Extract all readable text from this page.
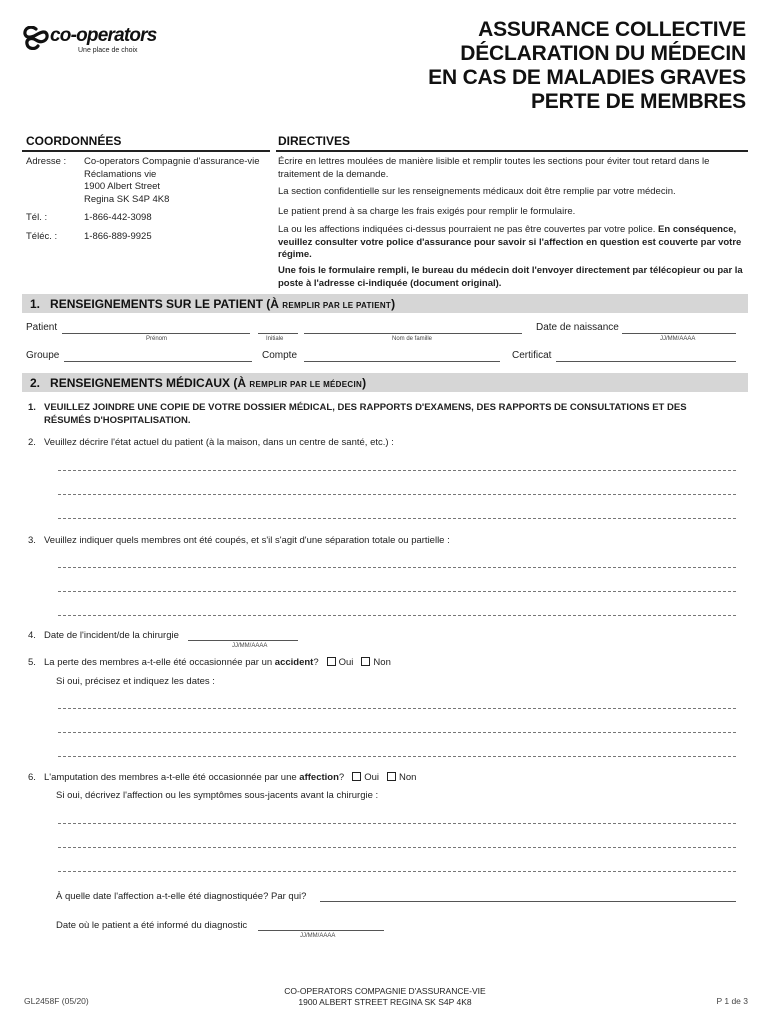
co-operators
Une place de choix
ASSURANCE COLLECTIVE
DÉCLARATION DU MÉDECIN
EN CAS DE MALADIES GRAVES
PERTE DE MEMBRES
COORDONNÉES	DIRECTIVES
Adresse : Co-operators Compagnie d'assurance-vie
Réclamations vie
1900 Albert Street
Regina SK S4P 4K8
Tél. :	1-866-442-3098
Téléc. :	1-866-889-9925
Écrire en lettres moulées de manière lisible et remplir toutes les sections pour éviter tout retard dans le traitement de la demande.
La section confidentielle sur les renseignements médicaux doit être remplie par votre médecin.
Le patient prend à sa charge les frais exigés pour remplir le formulaire.
La ou les affections indiquées ci-dessus pourraient ne pas être couvertes par votre police. En conséquence, veuillez consulter votre police d'assurance pour savoir si l'affection en question est couverte par votre régime.
Une fois le formulaire rempli, le bureau du médecin doit l'envoyer directement par télécopieur ou par la poste à l'adresse ci-indiquée (document original).
1. RENSEIGNEMENTS SUR LE PATIENT (À REMPLIR PAR LE PATIENT)
Patient	Date de naissance
Prénom	Initiale	Nom de famille	JJ/MM/AAAA
Groupe	Compte	Certificat
2. RENSEIGNEMENTS MÉDICAUX (À REMPLIR PAR LE MÉDECIN)
1. VEUILLEZ JOINDRE UNE COPIE DE VOTRE DOSSIER MÉDICAL, DES RAPPORTS D'EXAMENS, DES RAPPORTS DE CONSULTATIONS ET DES RÉSUMÉS D'HOSPITALISATION.
2. Veuillez décrire l'état actuel du patient (à la maison, dans un centre de santé, etc.) :
3. Veuillez indiquer quels membres ont été coupés, et s'il s'agit d'une séparation totale ou partielle :
4. Date de l'incident/de la chirurgie
JJ/MM/AAAA
5. La perte des membres a-t-elle été occasionnée par un accident? Oui Non
Si oui, précisez et indiquez les dates :
6. L'amputation des membres a-t-elle été occasionnée par une affection? Oui Non
Si oui, décrivez l'affection ou les symptômes sous-jacents avant la chirurgie :
À quelle date l'affection a-t-elle été diagnostiquée? Par qui?
Date où le patient a été informé du diagnostic
JJ/MM/AAAA
GL2458F (05/20)
CO-OPERATORS COMPAGNIE D'ASSURANCE-VIE
1900 ALBERT STREET REGINA SK S4P 4K8	P 1 de 3
